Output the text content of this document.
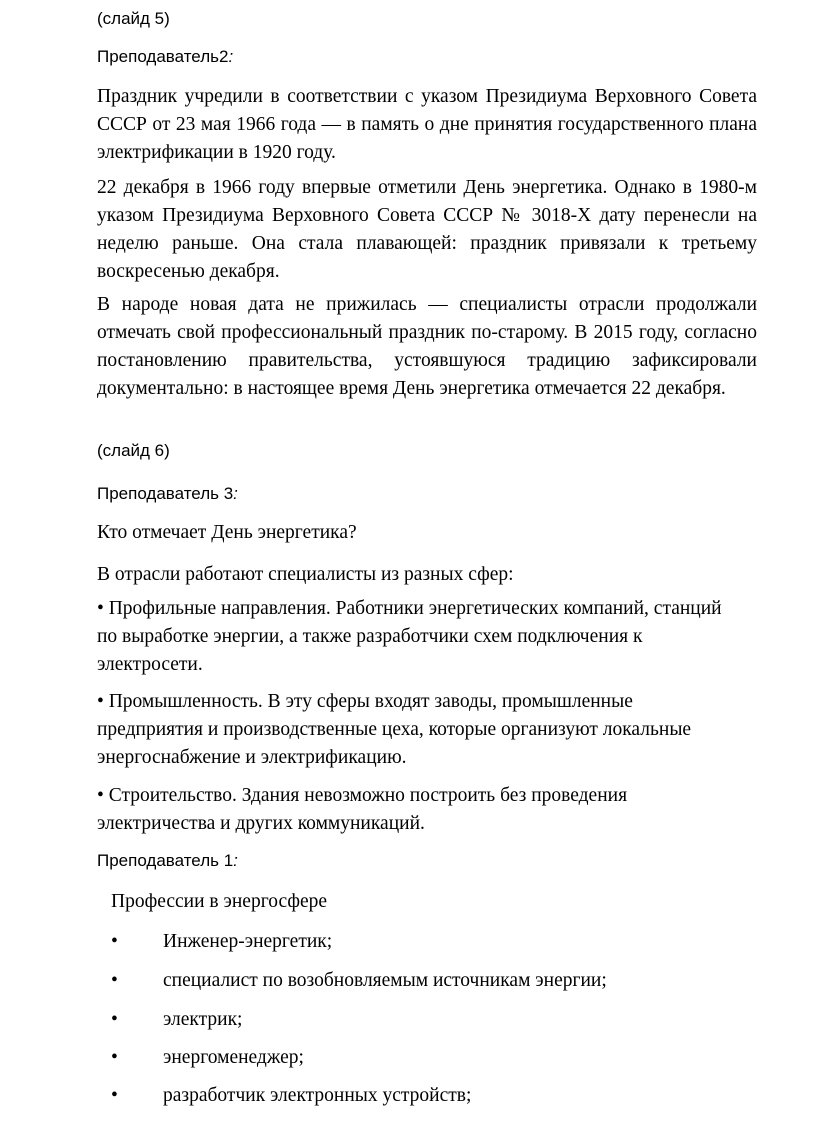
(слайд 5)

Преподаватель2:

Праздник учредили в соответствии с указом Президиума Верховного Совета СССР от 23 мая 1966 года — в память о дне принятия государственного плана электрификации в 1920 году.

22 декабря в 1966 году впервые отметили День энергетика. Однако в 1980-м указом Президиума Верховного Совета СССР № 3018-Х дату перенесли на неделю раньше. Она стала плавающей: праздник привязали к третьему воскресенью декабря.

В народе новая дата не прижилась — специалисты отрасли продолжали отмечать свой профессиональный праздник по-старому. В 2015 году, согласно постановлению правительства, устоявшуюся традицию зафиксировали документально: в настоящее время День энергетика отмечается 22 декабря.

(слайд 6)

Преподаватель 3:

Кто отмечает День энергетика?

В отрасли работают специалисты из разных сфер:

• Профильные направления. Работники энергетических компаний, станций по выработке энергии, а также разработчики схем подключения к электросети.

• Промышленность. В эту сферы входят заводы, промышленные предприятия и производственные цеха, которые организуют локальные энергоснабжение и электрификацию.

• Строительство. Здания невозможно построить без проведения электричества и других коммуникаций.

Преподаватель 1:

Профессии в энергосфере

• Инженер-энергетик;
• специалист по возобновляемым источникам энергии;
• электрик;
• энергоменеджер;
• разработчик электронных устройств;
